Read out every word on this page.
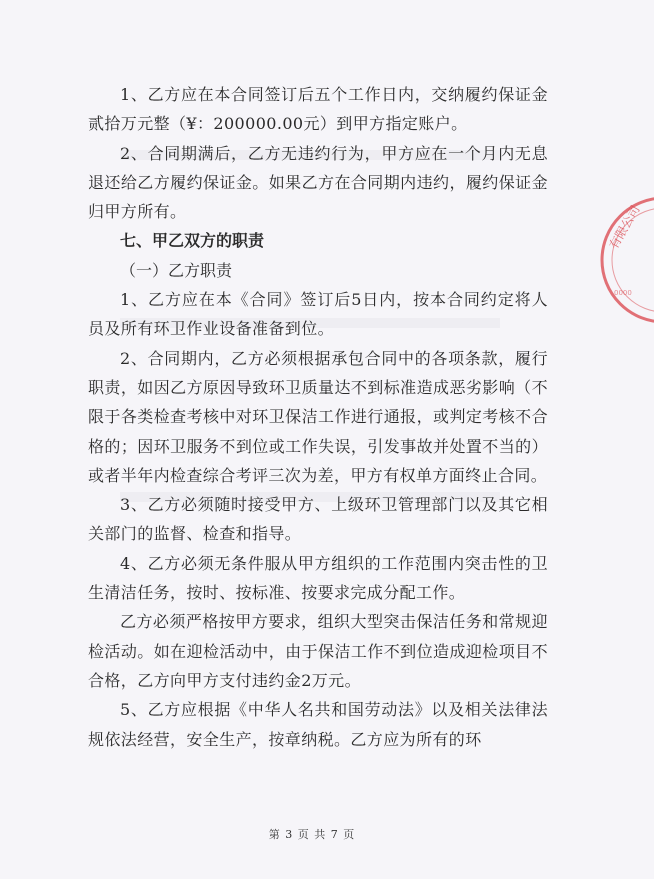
1、乙方应在本合同签订后五个工作日内，交纳履约保证金贰拾万元整（¥：200000.00元）到甲方指定账户。

2、合同期满后，乙方无违约行为，甲方应在一个月内无息退还给乙方履约保证金。如果乙方在合同期内违约，履约保证金归甲方所有。

七、甲乙双方的职责

（一）乙方职责

1、乙方应在本《合同》签订后5日内，按本合同约定将人员及所有环卫作业设备准备到位。

2、合同期内，乙方必须根据承包合同中的各项条款，履行职责，如因乙方原因导致环卫质量达不到标准造成恶劣影响（不限于各类检查考核中对环卫保洁工作进行通报，或判定考核不合格的；因环卫服务不到位或工作失误，引发事故并处置不当的）或者半年内检查综合考评三次为差，甲方有权单方面终止合同。

3、乙方必须随时接受甲方、上级环卫管理部门以及其它相关部门的监督、检查和指导。

4、乙方必须无条件服从甲方组织的工作范围内突击性的卫生清洁任务，按时、按标准、按要求完成分配工作。

乙方必须严格按甲方要求，组织大型突击保洁任务和常规迎检活动。如在迎检活动中，由于保洁工作不到位造成迎检项目不合格，乙方向甲方支付违约金2万元。

5、乙方应根据《中华人名共和国劳动法》以及相关法律法规依法经营，安全生产，按章纳税。乙方应为所有的环

有限公司
0000
第 3 页 共 7 页
